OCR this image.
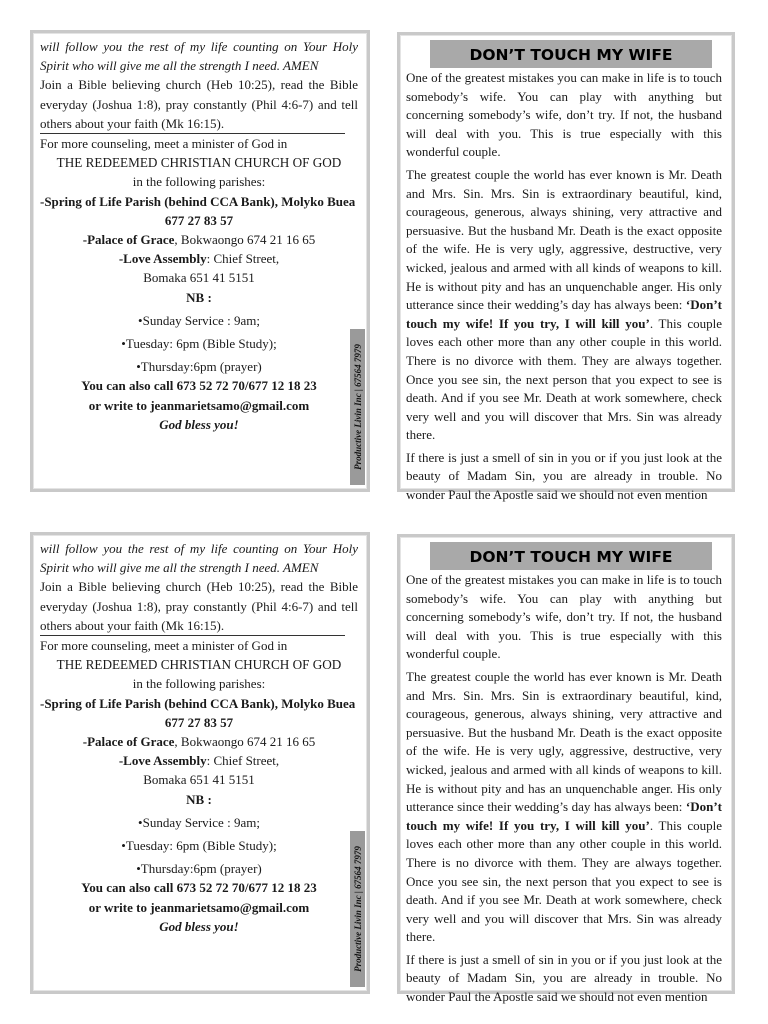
will follow you the rest of my life counting on Your Holy Spirit who will give me all the strength I need. AMEN

Join a Bible believing church (Heb 10:25), read the Bible everyday (Joshua 1:8), pray constantly (Phil 4:6-7) and tell others about your faith (Mk 16:15).

For more counseling, meet a minister of God in

THE REDEEMED CHRISTIAN CHURCH OF GOD

in the following parishes:

-Spring of Life Parish (behind CCA Bank), Molyko Buea

677 27 83 57

-Palace of Grace, Bokwaongo 674 21 16 65

-Love Assembly: Chief Street,

Bomaka 651 41 5151

NB :

•Sunday Service : 9am;

•Tuesday: 6pm (Bible Study);

•Thursday:6pm (prayer)

You can also call 673 52 72 70/677 12 18 23

or write to jeanmarietsamo@gmail.com

God bless you!	Productive Livin Inc | 67564 7979
DON’T TOUCH MY WIFE

One of the greatest mistakes you can make in life is to touch somebody’s wife. You can play with anything but concerning somebody’s wife, don’t try. If not, the husband will deal with you. This is true especially with this wonderful couple.

The greatest couple the world has ever known is Mr. Death and Mrs. Sin. Mrs. Sin is extraordinary beautiful, kind, courageous, generous, always shining, very attractive and persuasive. But the husband Mr. Death is the exact opposite of the wife. He is very ugly, aggressive, destructive, very wicked, jealous and armed with all kinds of weapons to kill. He is without pity and has an unquenchable anger. His only utterance since their wedding’s day has always been: ‘Don’t touch my wife! If you try, I will kill you’. This couple loves each other more than any other couple in this world. There is no divorce with them. They are always together. Once you see sin, the next person that you expect to see is death. And if you see Mr. Death at work somewhere, check very well and you will discover that Mrs. Sin was already there.

If there is just a smell of sin in you or if you just look at the beauty of Madam Sin, you are already in trouble. No wonder Paul the Apostle said we should not even mention

will follow you the rest of my life counting on Your Holy Spirit who will give me all the strength I need. AMEN

Join a Bible believing church (Heb 10:25), read the Bible everyday (Joshua 1:8), pray constantly (Phil 4:6-7) and tell others about your faith (Mk 16:15).

For more counseling, meet a minister of God in

THE REDEEMED CHRISTIAN CHURCH OF GOD

in the following parishes:

-Spring of Life Parish (behind CCA Bank), Molyko Buea

677 27 83 57

-Palace of Grace, Bokwaongo 674 21 16 65

-Love Assembly: Chief Street,

Bomaka 651 41 5151

NB :

•Sunday Service : 9am;

•Tuesday: 6pm (Bible Study);

•Thursday:6pm (prayer)

You can also call 673 52 72 70/677 12 18 23

or write to jeanmarietsamo@gmail.com

God bless you!	Productive Livin Inc | 67564 7979
DON’T TOUCH MY WIFE

One of the greatest mistakes you can make in life is to touch somebody’s wife. You can play with anything but concerning somebody’s wife, don’t try. If not, the husband will deal with you. This is true especially with this wonderful couple.

The greatest couple the world has ever known is Mr. Death and Mrs. Sin. Mrs. Sin is extraordinary beautiful, kind, courageous, generous, always shining, very attractive and persuasive. But the husband Mr. Death is the exact opposite of the wife. He is very ugly, aggressive, destructive, very wicked, jealous and armed with all kinds of weapons to kill. He is without pity and has an unquenchable anger. His only utterance since their wedding’s day has always been: ‘Don’t touch my wife! If you try, I will kill you’. This couple loves each other more than any other couple in this world. There is no divorce with them. They are always together. Once you see sin, the next person that you expect to see is death. And if you see Mr. Death at work somewhere, check very well and you will discover that Mrs. Sin was already there.

If there is just a smell of sin in you or if you just look at the beauty of Madam Sin, you are already in trouble. No wonder Paul the Apostle said we should not even mention
